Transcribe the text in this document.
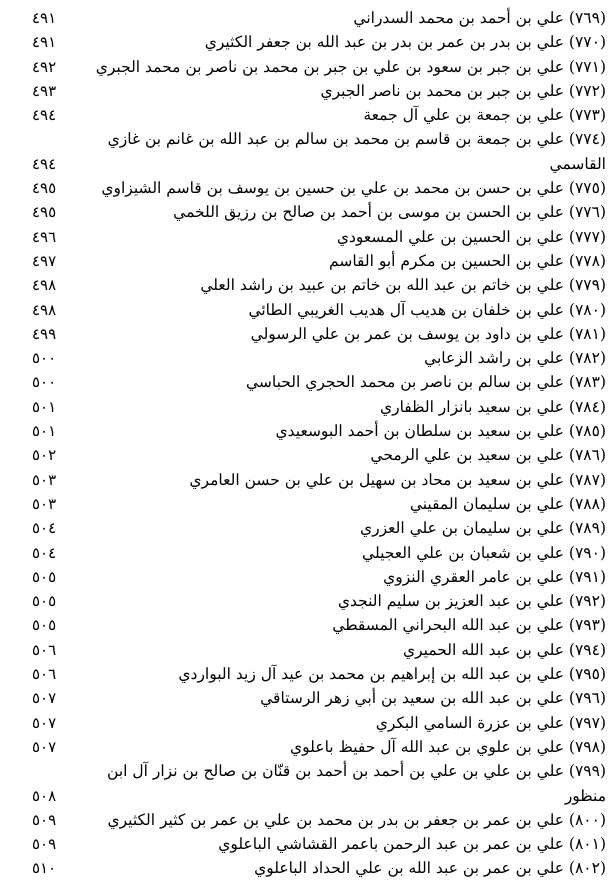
(٧٦٩) علي بن أحمد بن محمد السدراني
٤٩١
(٧٧٠) علي بن بدر بن عمر بن بدر بن عبد الله بن جعفر الكثيري
٤٩١
(٧٧١) علي بن جبر بن سعود بن علي بن جبر بن محمد بن ناصر بن محمد الجبري
٤٩٢
(٧٧٢) علي بن جبر بن محمد بن ناصر الجبري
٤٩٣
(٧٧٣) علي بن جمعة بن علي آل جمعة
٤٩٤
(٧٧٤) علي بن جمعة بن قاسم بن محمد بن سالم بن عبد الله بن غانم بن غازي
القاسمي
٤٩٤
(٧٧٥) علي بن حسن بن محمد بن علي بن حسين بن يوسف بن قاسم الشيزاوي
٤٩٥
(٧٧٦) علي بن الحسن بن موسى بن أحمد بن صالح بن رزيق اللخمي
٤٩٥
(٧٧٧) علي بن الحسين بن علي المسعودي
٤٩٦
(٧٧٨) علي بن الحسين بن مكرم أبو القاسم
٤٩٧
(٧٧٩) علي بن خاتم بن عبد الله بن خاتم بن عبيد بن راشد العلي
٤٩٨
(٧٨٠) علي بن خلفان بن هديب آل هديب الغريبي الطائي
٤٩٨
(٧٨١) علي بن داود بن يوسف بن عمر بن علي الرسولي
٤٩٩
(٧٨٢) علي بن راشد الزعابي
٥٠٠
(٧٨٣) علي بن سالم بن ناصر بن محمد الحجري الحباسي
٥٠٠
(٧٨٤) علي بن سعيد بانزار الظفاري
٥٠١
(٧٨٥) علي بن سعيد بن سلطان بن أحمد البوسعيدي
٥٠١
(٧٨٦) علي بن سعيد بن علي الرمحي
٥٠٢
(٧٨٧) علي بن سعيد بن محاد بن سهيل بن علي بن حسن العامري
٥٠٣
(٧٨٨) علي بن سليمان المقيني
٥٠٣
(٧٨٩) علي بن سليمان بن علي العزري
٥٠٤
(٧٩٠) علي بن شعبان بن علي العجيلي
٥٠٤
(٧٩١) علي بن عامر العقري النزوي
٥٠٥
(٧٩٢) علي بن عبد العزيز بن سليم النجدي
٥٠٥
(٧٩٣) علي بن عبد الله البحراني المسقطي
٥٠٥
(٧٩٤) علي بن عبد الله الحميري
٥٠٦
(٧٩٥) علي بن عبد الله بن إبراهيم بن محمد بن عيد آل زيد البواردي
٥٠٦
(٧٩٦) علي بن عبد الله بن سعيد بن أبي زهر الرستاقي
٥٠٧
(٧٩٧) علي بن عزرة السامي البكري
٥٠٧
(٧٩٨) علي بن علوي بن عبد الله آل حفيظ باعلوي
٥٠٧
(٧٩٩) علي بن علي بن علي بن أحمد بن أحمد بن قنّان بن صالح بن نزار آل ابن
منظور
٥٠٨
(٨٠٠) علي بن عمر بن جعفر بن بدر بن محمد بن علي بن عمر بن كثير الكثيري
٥٠٩
(٨٠١) علي بن عمر بن عبد الرحمن باعمر القشاشي الباعلوي
٥٠٩
(٨٠٢) علي بن عمر بن عبد الله بن علي الحداد الباعلوي
٥١٠
